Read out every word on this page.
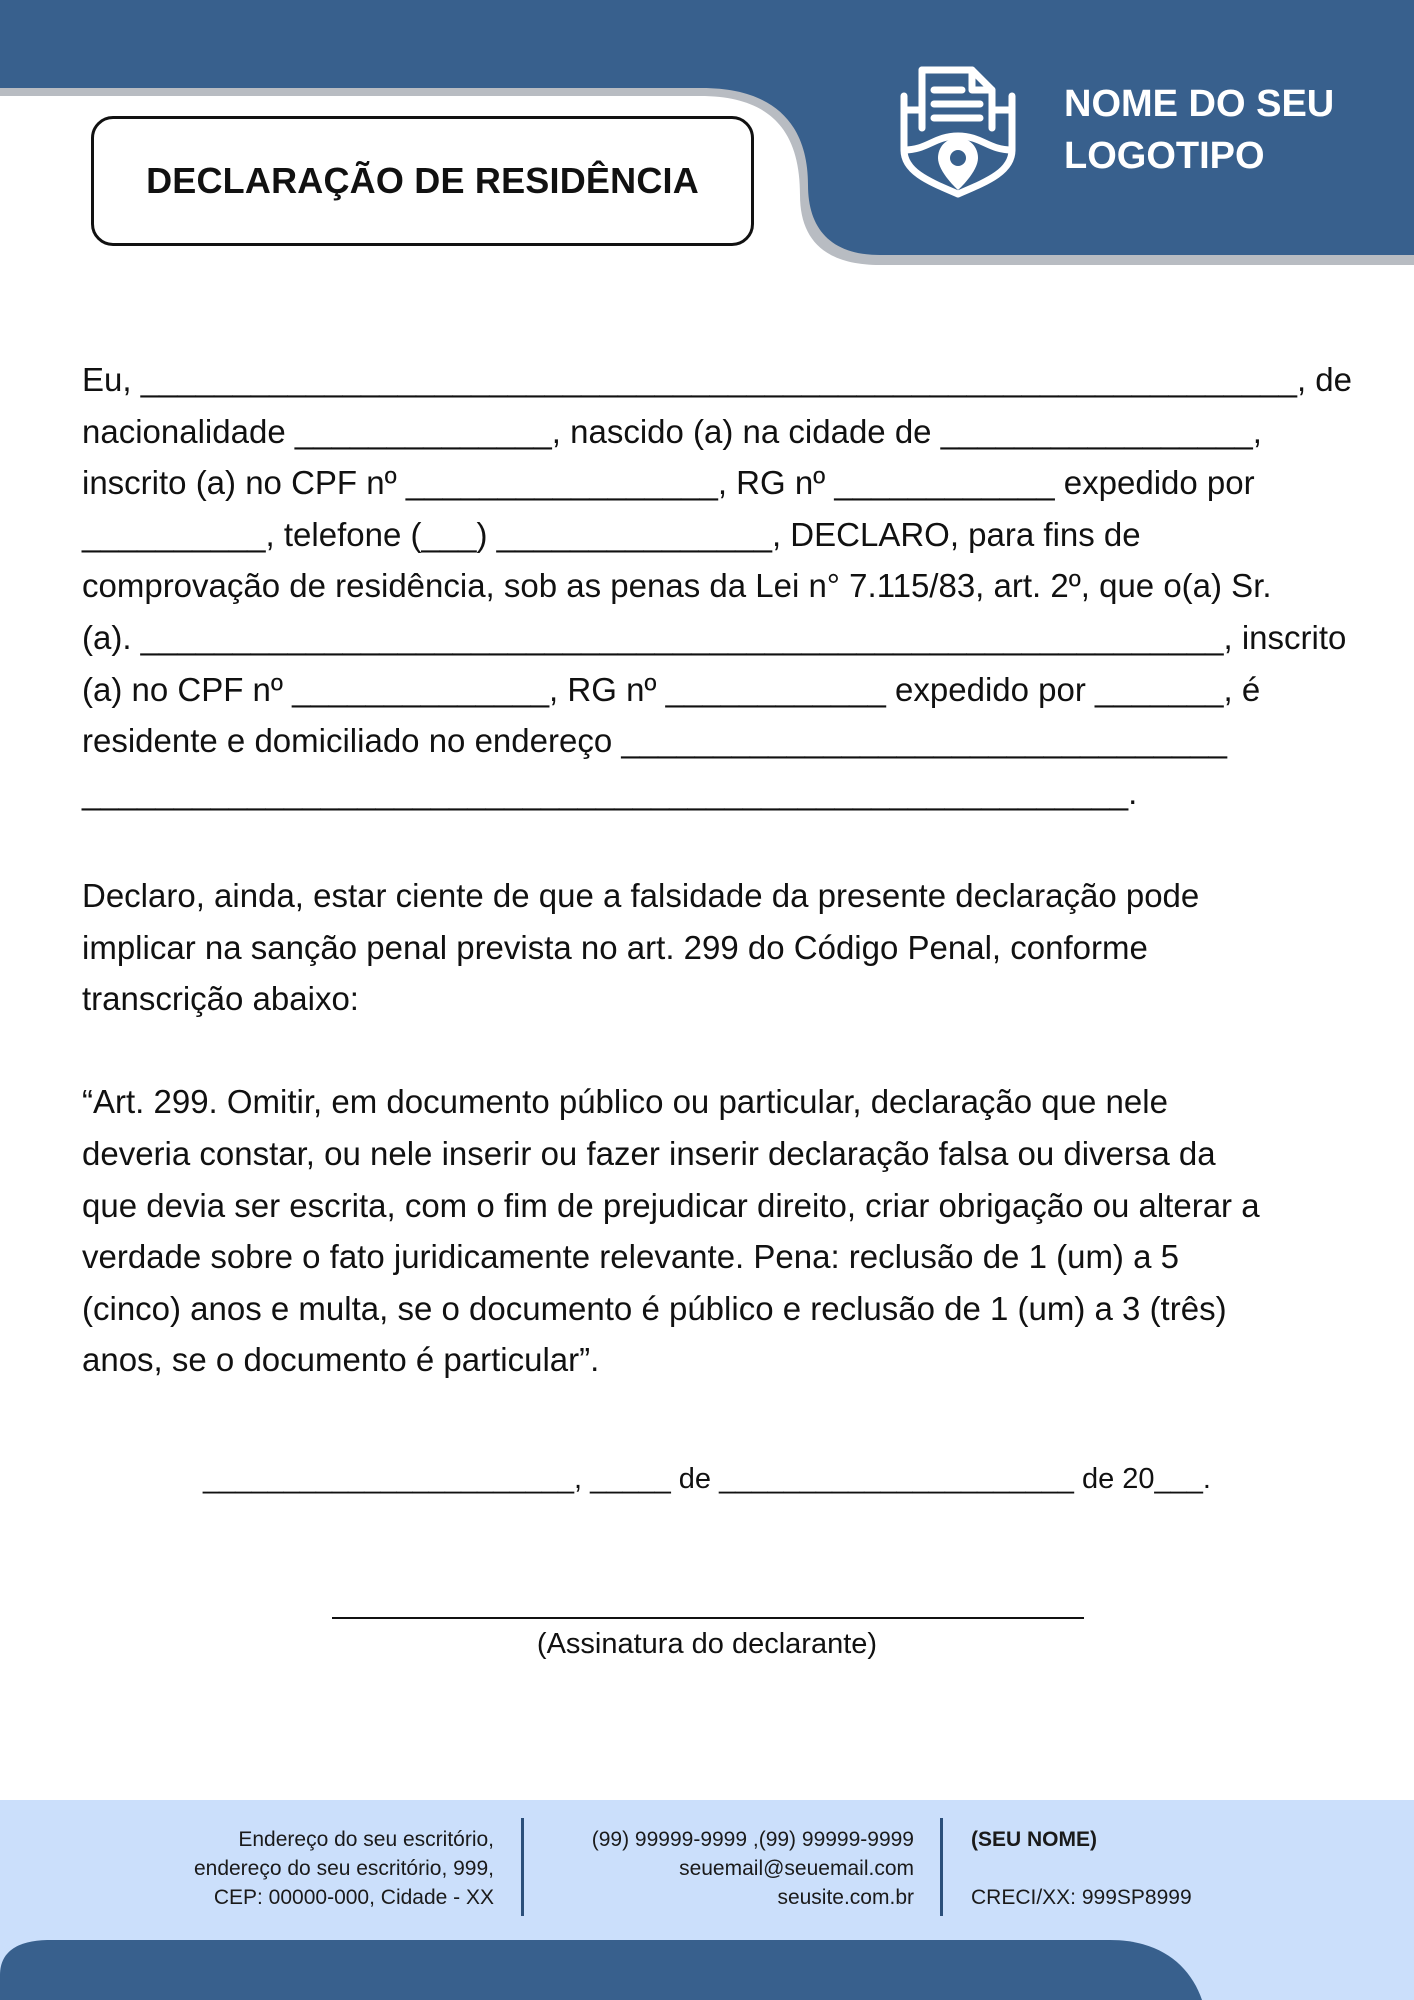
DECLARAÇÃO DE RESIDÊNCIA
NOME DO SEU
LOGOTIPO
Eu, _______________________________________________________________, de
nacionalidade ______________, nascido (a) na cidade de _________________,
inscrito (a) no CPF nº _________________, RG nº ____________ expedido por
__________, telefone (___) _______________, DECLARO, para fins de
comprovação de residência, sob as penas da Lei n° 7.115/83, art. 2º, que o(a) Sr.
(a). ___________________________________________________________, inscrito
(a) no CPF nº ______________, RG nº ____________ expedido por _______, é
residente e domiciliado no endereço _________________________________
_________________________________________________________.
Declaro, ainda, estar ciente de que a falsidade da presente declaração pode
implicar na sanção penal prevista no art. 299 do Código Penal, conforme
transcrição abaixo:
“Art. 299. Omitir, em documento público ou particular, declaração que nele
deveria constar, ou nele inserir ou fazer inserir declaração falsa ou diversa da
que devia ser escrita, com o fim de prejudicar direito, criar obrigação ou alterar a
verdade sobre o fato juridicamente relevante. Pena: reclusão de 1 (um) a 5
(cinco) anos e multa, se o documento é público e reclusão de 1 (um) a 3 (três)
anos, se o documento é particular”.
_______________________, _____ de ______________________ de 20___.
(Assinatura do declarante)
Endereço do seu escritório,
endereço do seu escritório, 999,
CEP: 00000-000, Cidade - XX
(99) 99999-9999 ,(99) 99999-9999
seuemail@seuemail.com
seusite.com.br
(SEU NOME)

CRECI/XX: 999SP8999
